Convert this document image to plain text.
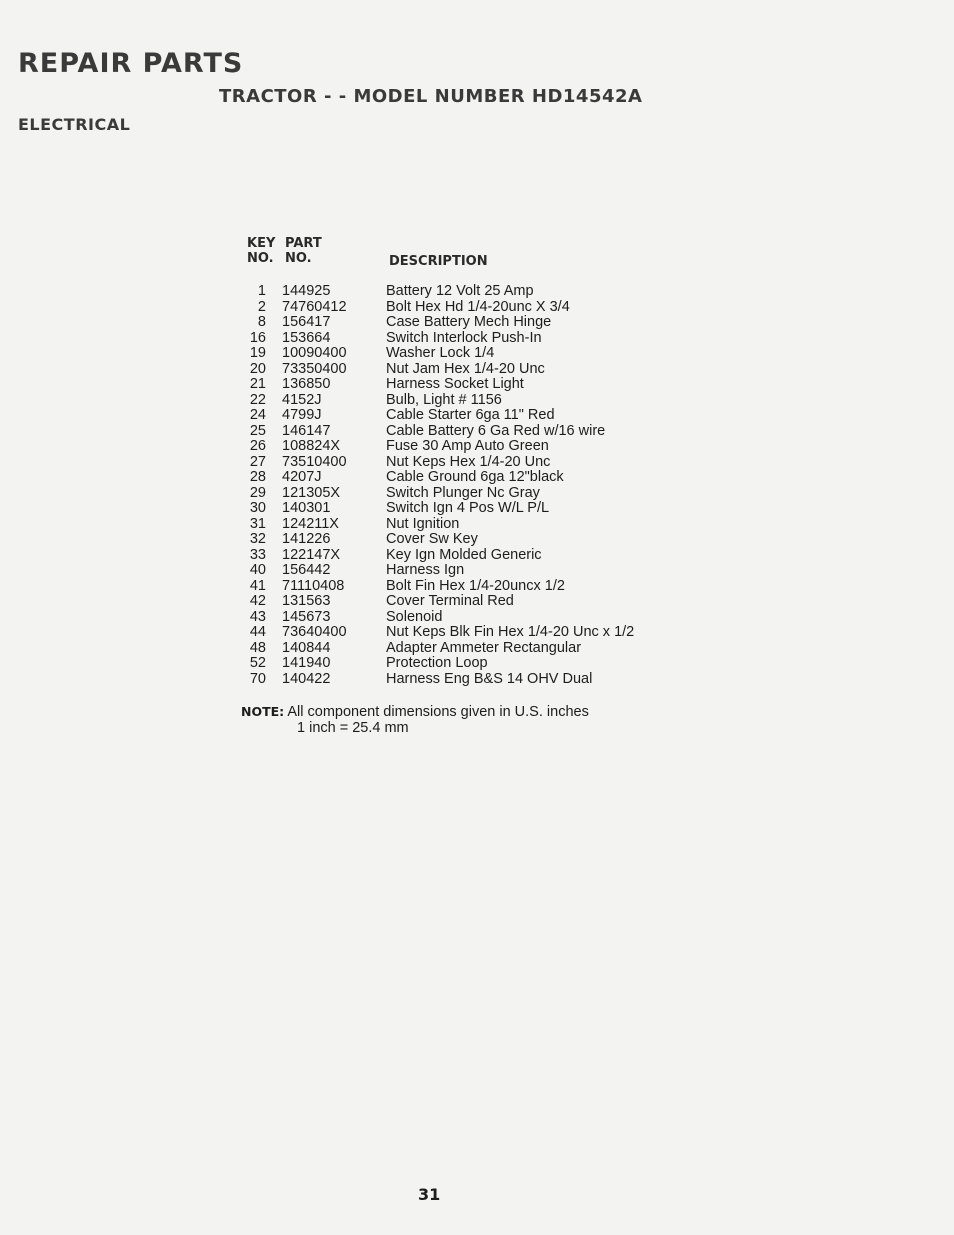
REPAIR PARTS
TRACTOR - - MODEL NUMBER HD14542A
ELECTRICAL
KEY
NO.
PART
NO.	DESCRIPTION
1 144925	Battery 12 Volt 25 Amp
2 74760412	Bolt Hex Hd 1/4-20unc X 3/4
8 156417	Case Battery Mech Hinge
16 153664	Switch Interlock Push-In
19 10090400	Washer Lock 1/4
20 73350400	Nut Jam Hex 1/4-20 Unc
21 136850	Harness Socket Light
22 4152J	Bulb, Light # 1156
24 4799J	Cable Starter 6ga 11" Red
25 146147	Cable Battery 6 Ga Red w/16 wire
26 108824X	Fuse 30 Amp Auto Green
27 73510400	Nut Keps Hex 1/4-20 Unc
28 4207J	Cable Ground 6ga 12"black
29 121305X	Switch Plunger Nc Gray
30 140301	Switch Ign 4 Pos W/L P/L
31 124211X	Nut Ignition
32 141226	Cover Sw Key
33 122147X	Key Ign Molded Generic
40 156442	Harness Ign
41 71110408	Bolt Fin Hex 1/4-20uncx 1/2
42 131563	Cover Terminal Red
43 145673	Solenoid
44 73640400	Nut Keps Blk Fin Hex 1/4-20 Unc x 1/2
48 140844	Adapter Ammeter Rectangular
52 141940	Protection Loop
70 140422	Harness Eng B&S 14 OHV Dual
NOTE: All component dimensions given in U.S. inches
1 inch = 25.4 mm
31
